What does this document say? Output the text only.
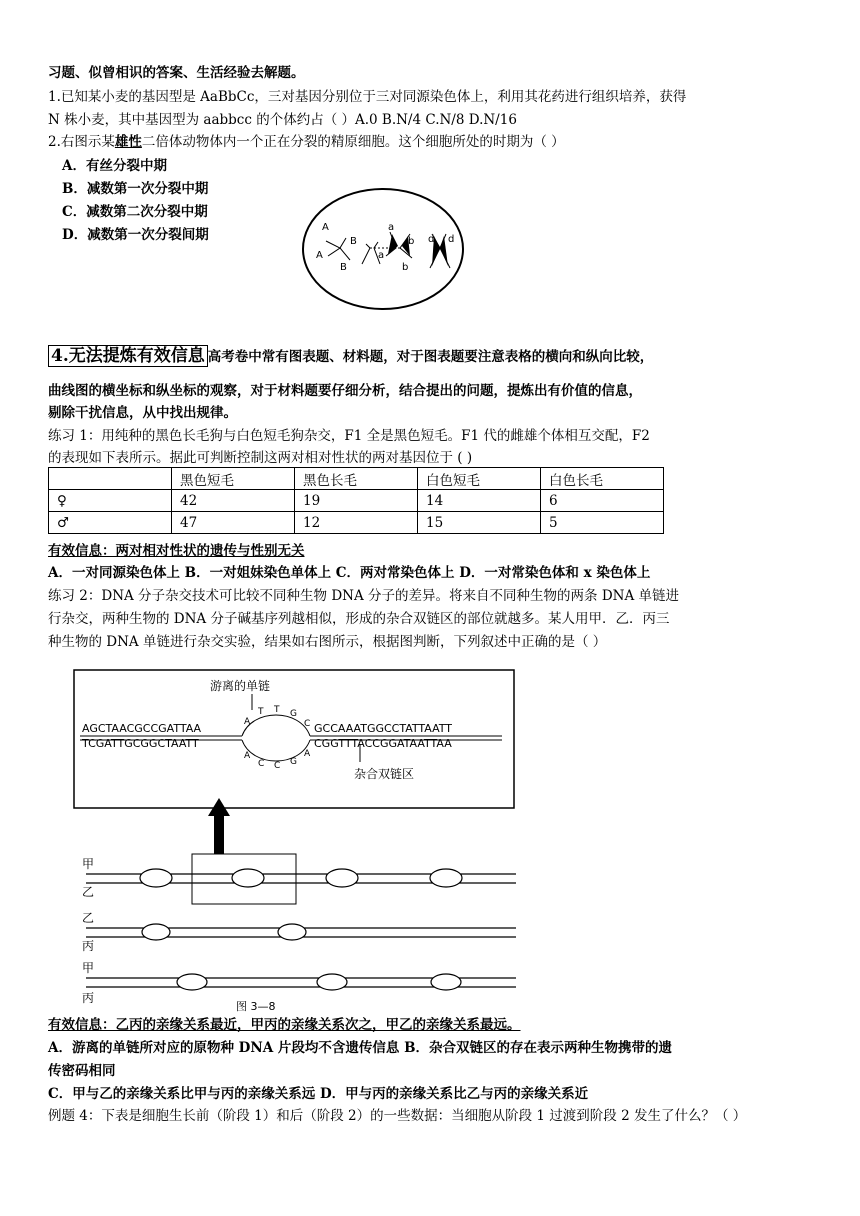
习题、似曾相识的答案、生活经验去解题。
1.已知某小麦的基因型是 AaBbCc，三对基因分别位于三对同源染色体上，利用其花药进行组织培养，获得
N 株小麦，其中基因型为 aabbcc 的个体约占（ ）A.0 B.N/4 C.N/8 D.N/16
2.右图示某雄性二倍体动物体内一个正在分裂的精原细胞。这个细胞所处的时期为（ ）
A．有丝分裂中期
B．减数第一次分裂中期
C．减数第二次分裂中期
D．减数第一次分裂间期	A
A
B
B
a
a
b
b
d d
4.无法提炼有效信息 高考卷中常有图表题、材料题，对于图表题要注意表格的横向和纵向比较，
曲线图的横坐标和纵坐标的观察，对于材料题要仔细分析，结合提出的问题，提炼出有价值的信息，
剔除干扰信息，从中找出规律。
练习 1：用纯种的黑色长毛狗与白色短毛狗杂交，F1 全是黑色短毛。F1 代的雌雄个体相互交配，F2
的表现如下表所示。据此可判断控制这两对相对性状的两对基因位于 ( )
	黑色短毛	黑色长毛	白色短毛	白色长毛
♀	42	19	14	6
♂	47	12	15	5
有效信息：两对相对性状的遗传与性别无关
A．一对同源染色体上 B．一对姐妹染色单体上 C．两对常染色体上 D．一对常染色体和 x 染色体上
练习 2：DNA 分子杂交技术可比较不同种生物 DNA 分子的差异。将来自不同种生物的两条 DNA 单链进
行杂交，两种生物的 DNA 分子碱基序列越相似，形成的杂合双链区的部位就越多。某人用甲．乙．丙三
种生物的 DNA 单链进行杂交实验，结果如右图所示，根据图判断，下列叙述中正确的是（ ）
游离的单链
AGCTAACGCCGATTAA	GCCAAATGGCCTATTAATT
TCGATTGCGGCTAATT	CGGTTTACCGGATAATTAA
A
T T G
C
A
C C G
A
杂合双链区
甲
乙
乙
丙
甲
丙
图 3—8
有效信息：乙丙的亲缘关系最近，甲丙的亲缘关系次之，甲乙的亲缘关系最远。
A．游离的单链所对应的原物种 DNA 片段均不含遗传信息 B．杂合双链区的存在表示两种生物携带的遗
传密码相同
C．甲与乙的亲缘关系比甲与丙的亲缘关系远 D．甲与丙的亲缘关系比乙与丙的亲缘关系近
例题 4：下表是细胞生长前（阶段 1）和后（阶段 2）的一些数据：当细胞从阶段 1 过渡到阶段 2 发生了什么？（ ）
